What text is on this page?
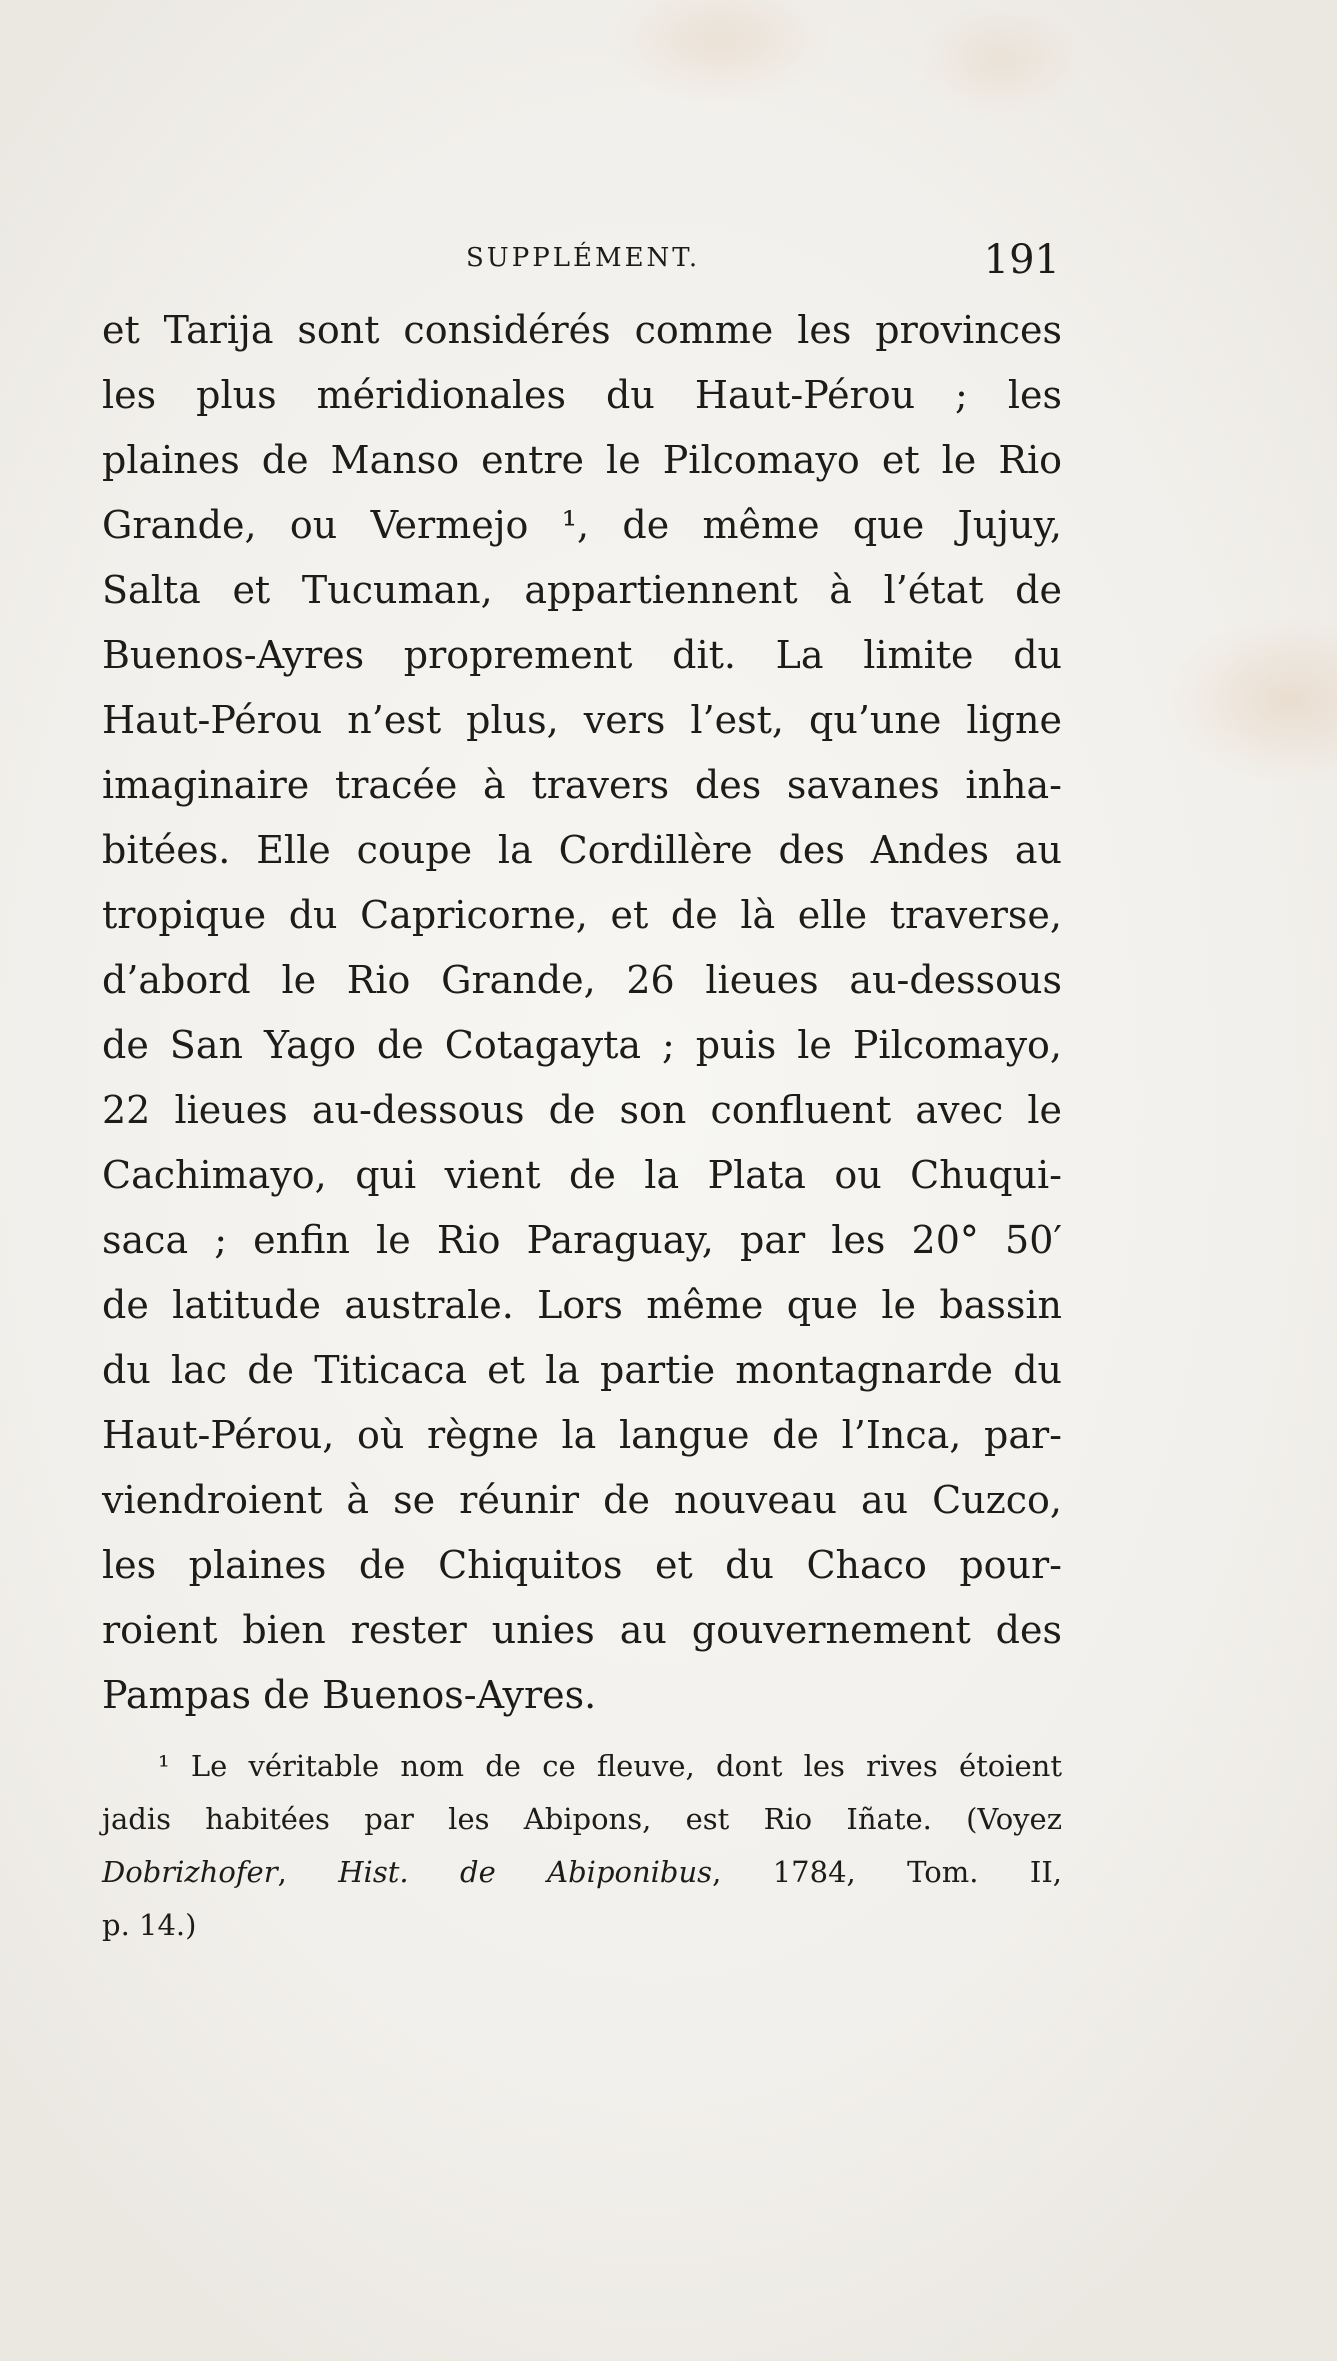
SUPPLÉMENT.	191
et Tarija sont considérés comme les provinces
les plus méridionales du Haut-Pérou ; les
plaines de Manso entre le Pilcomayo et le Rio
Grande, ou Vermejo ¹, de même que Jujuy,
Salta et Tucuman, appartiennent à l’état de
Buenos-Ayres proprement dit. La limite du
Haut-Pérou n’est plus, vers l’est, qu’une ligne
imaginaire tracée à travers des savanes inha-
bitées. Elle coupe la Cordillère des Andes au
tropique du Capricorne, et de là elle traverse,
d’abord le Rio Grande, 26 lieues au-dessous
de San Yago de Cotagayta ; puis le Pilcomayo,
22 lieues au-dessous de son confluent avec le
Cachimayo, qui vient de la Plata ou Chuqui-
saca ; enfin le Rio Paraguay, par les 20° 50′
de latitude australe. Lors même que le bassin
du lac de Titicaca et la partie montagnarde du
Haut-Pérou, où règne la langue de l’Inca, par-
viendroient à se réunir de nouveau au Cuzco,
les plaines de Chiquitos et du Chaco pour-
roient bien rester unies au gouvernement des
Pampas de Buenos-Ayres.
¹ Le véritable nom de ce fleuve, dont les rives étoient
jadis habitées par les Abipons, est Rio Iñate. (Voyez
Dobrizhofer, Hist. de Abiponibus, 1784, Tom. II,
p. 14.)
